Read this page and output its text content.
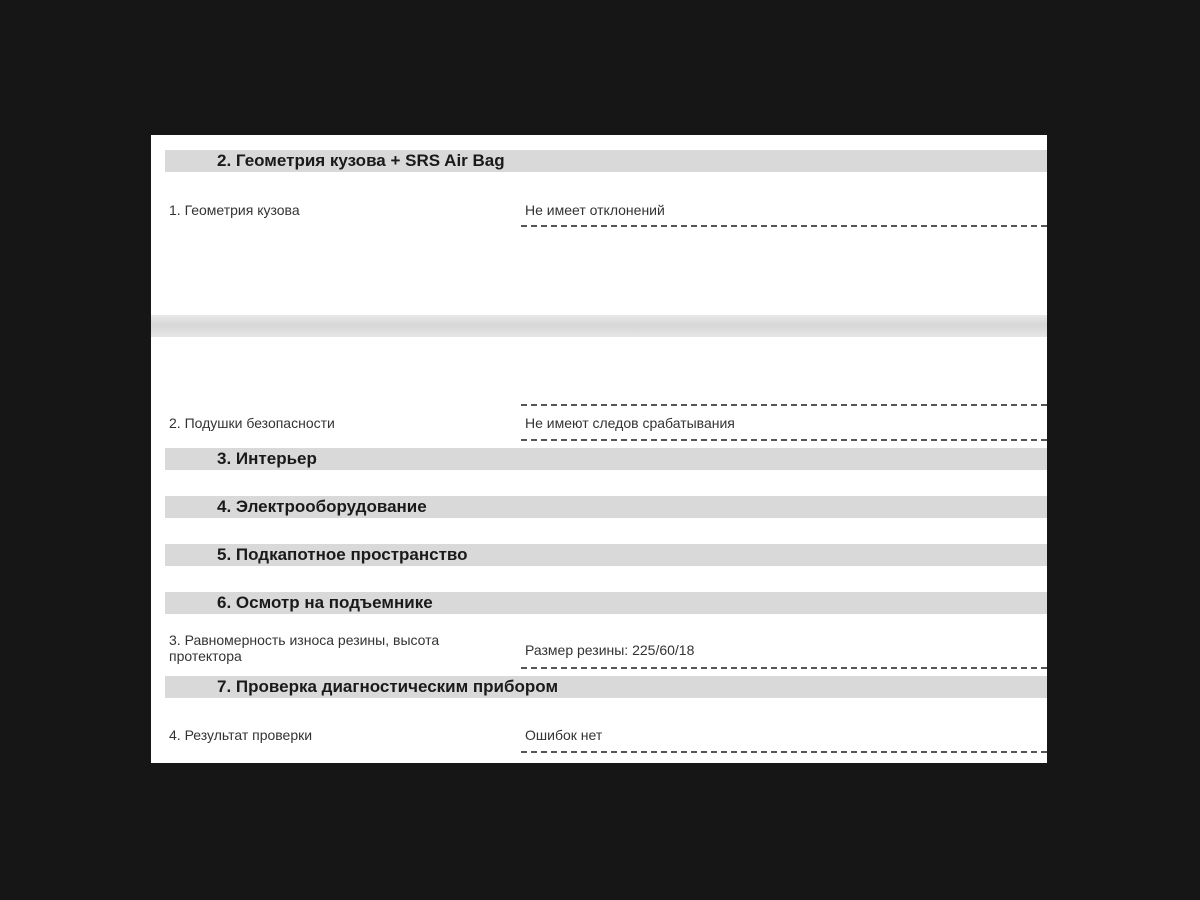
2. Геометрия кузова + SRS Air Bag
1. Геометрия кузова	Не имеет отклонений
2. Подушки безопасности	Не имеют следов срабатывания
3. Интерьер
4. Электрооборудование
5. Подкапотное пространство
6. Осмотр на подъемнике
3. Равномерность износа резины, высота протектора	Размер резины: 225/60/18
7. Проверка диагностическим прибором
4. Результат проверки	Ошибок нет
